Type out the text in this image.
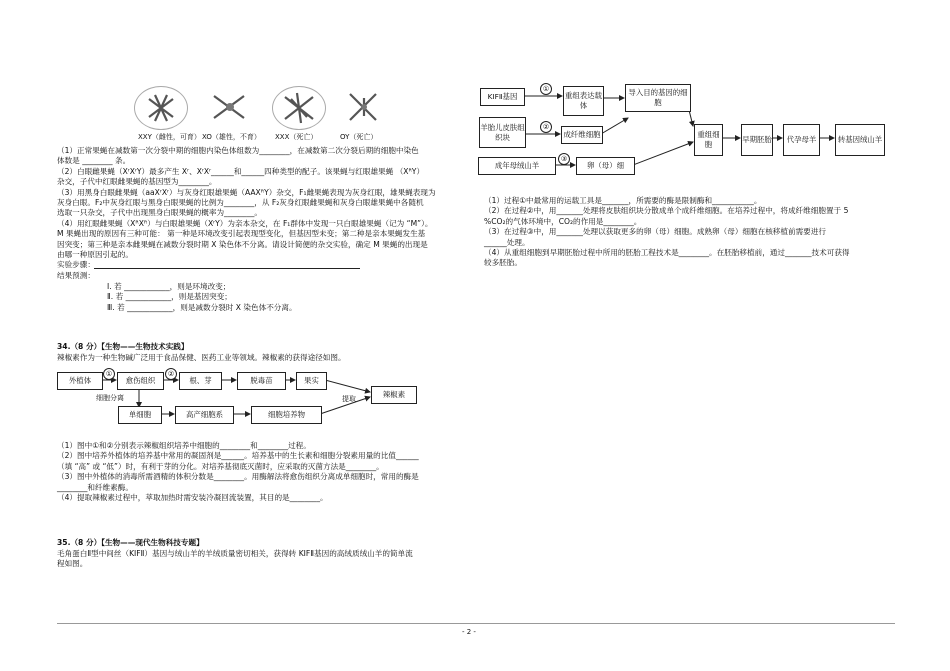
XXY（雌性，可育） XO（雄性，不育） XXX（死亡）	OY（死亡）
（1）正常果蝇在减数第一次分裂中期的细胞内染色体组数为________，在减数第二次分裂后期的细胞中染色
体数是 ________ 条。
（2）白眼雌果蝇（XʳXʳY）最多产生 Xʳ、XʳXʳ______和______四种类型的配子。该果蝇与红眼雄果蝇 （XᴿY）
杂交，子代中红眼雌果蝇的基因型为________。
（3）用黑身白眼雌果蝇（aaXʳXʳ）与灰身红眼雄果蝇（AAXᴿY）杂交，F₁雌果蝇表现为灰身红眼，雄果蝇表现为
灰身白眼。F₂中灰身红眼与黑身白眼果蝇的比例为________，从 F₂灰身红眼雌果蝇和灰身白眼雄果蝇中各随机
选取一只杂交，子代中出现黑身白眼果蝇的概率为________。
（4）用红眼雌果蝇（XᴿXᴿ）与白眼雄果蝇（XʳY）为亲本杂交，在 F₁群体中发现一只白眼雄果蝇（记为 “M”）。
M 果蝇出现的原因有三种可能： 第一种是环境改变引起表现型变化，但基因型未变；第二种是亲本果蝇发生基
因突变；第三种是亲本雌果蝇在减数分裂时期 X 染色体不分离。请设计简便的杂交实验，确定 M 果蝇的出现是
由哪一种原因引起的。
实验步骤：
结果预测：
Ⅰ. 若 ____________，则是环境改变；
Ⅱ. 若 ____________，则是基因突变；
Ⅲ. 若 ____________，则是减数分裂时 X 染色体不分离。
34.（8 分）【生物——生物技术实践】
辣椒素作为一种生物碱广泛用于食品保健、医药工业等领域。辣椒素的获得途径如图。
外植体
①
愈伤组织
②
根、芽	脱毒苗	果实
辣椒素
细胞分离	提取
单细胞	高产细胞系	细胞培养物
（1）图中①和②分别表示辣椒组织培养中细胞的________和________过程。
（2）图中培养外植体的培养基中常用的凝固剂是______。培养基中的生长素和细胞分裂素用量的比值______
（填 “高” 或 “低”）时，有利于芽的分化。对培养基彻底灭菌时，应采取的灭菌方法是________。
（3）图中外植体的消毒所需酒精的体积分数是________。用酶解法将愈伤组织分离成单细胞时，常用的酶是
________和纤维素酶。
（4）提取辣椒素过程中，萃取加热时需安装冷凝回流装置，其目的是________。
35.（8 分）【生物——现代生物科技专题】
毛角蛋白Ⅱ型中间丝（KIFⅡ）基因与绒山羊的羊绒质量密切相关，获得转 KIFⅡ基因的高绒质绒山羊的简单流
程如图。
KIFⅡ基因
①
重组表达载体
导入目的基因的细胞
羊胎儿皮肤组织块
②
成纤维细胞	重组细胞
早期胚胎	代孕母羊	转基因绒山羊
成年母绒山羊
③
卵（母）细
（1）过程①中最常用的运载工具是_______，所需要的酶是限制酶和___________。
（2）在过程②中，用_______处理将皮肤组织块分散成单个成纤维细胞。在培养过程中，将成纤维细胞置于 5
%CO₂的气体环境中，CO₂的作用是________。
（3）在过程③中，用_______处理以获取更多的卵（母）细胞。成熟卵（母）细胞在核移植前需要进行
______处理。
（4）从重组细胞到早期胚胎过程中所用的胚胎工程技术是________。在胚胎移植前，通过_______技术可获得
较多胚胎。
- 2 -
